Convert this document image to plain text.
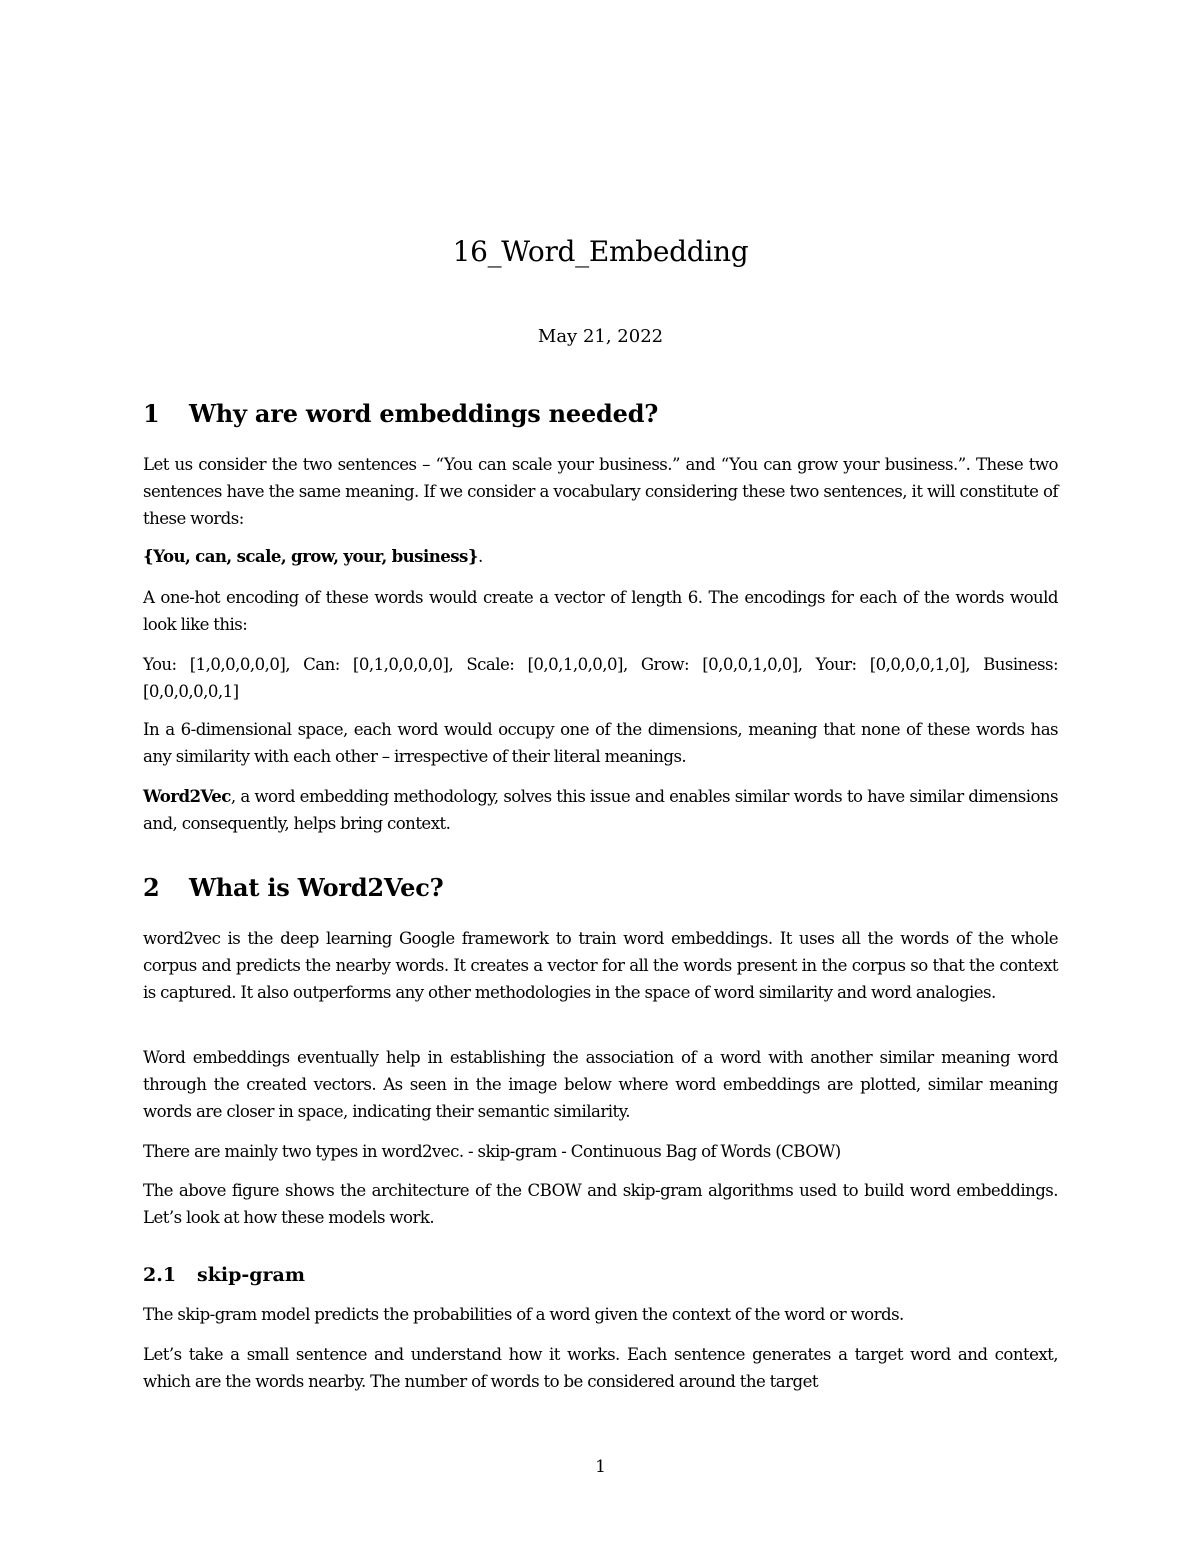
16_Word_Embedding
May 21, 2022
1 Why are word embeddings needed?
Let us consider the two sentences – “You can scale your business.” and “You can grow your business.”. These two sentences have the same meaning. If we consider a vocabulary considering these two sentences, it will constitute of these words:
{You, can, scale, grow, your, business}.
A one-hot encoding of these words would create a vector of length 6. The encodings for each of the words would look like this:
You: [1,0,0,0,0,0], Can: [0,1,0,0,0,0], Scale: [0,0,1,0,0,0], Grow: [0,0,0,1,0,0], Your: [0,0,0,0,1,0], Business: [0,0,0,0,0,1]
In a 6-dimensional space, each word would occupy one of the dimensions, meaning that none of these words has any similarity with each other – irrespective of their literal meanings.
Word2Vec, a word embedding methodology, solves this issue and enables similar words to have similar dimensions and, consequently, helps bring context.
2 What is Word2Vec?
word2vec is the deep learning Google framework to train word embeddings. It uses all the words of the whole corpus and predicts the nearby words. It creates a vector for all the words present in the corpus so that the context is captured. It also outperforms any other methodologies in the space of word similarity and word analogies.
Word embeddings eventually help in establishing the association of a word with another similar meaning word through the created vectors. As seen in the image below where word embeddings are plotted, similar meaning words are closer in space, indicating their semantic similarity.
There are mainly two types in word2vec. - skip-gram - Continuous Bag of Words (CBOW)
The above figure shows the architecture of the CBOW and skip-gram algorithms used to build word embeddings. Let’s look at how these models work.
2.1 skip-gram
The skip-gram model predicts the probabilities of a word given the context of the word or words.
Let’s take a small sentence and understand how it works. Each sentence generates a target word and context, which are the words nearby. The number of words to be considered around the target
1
